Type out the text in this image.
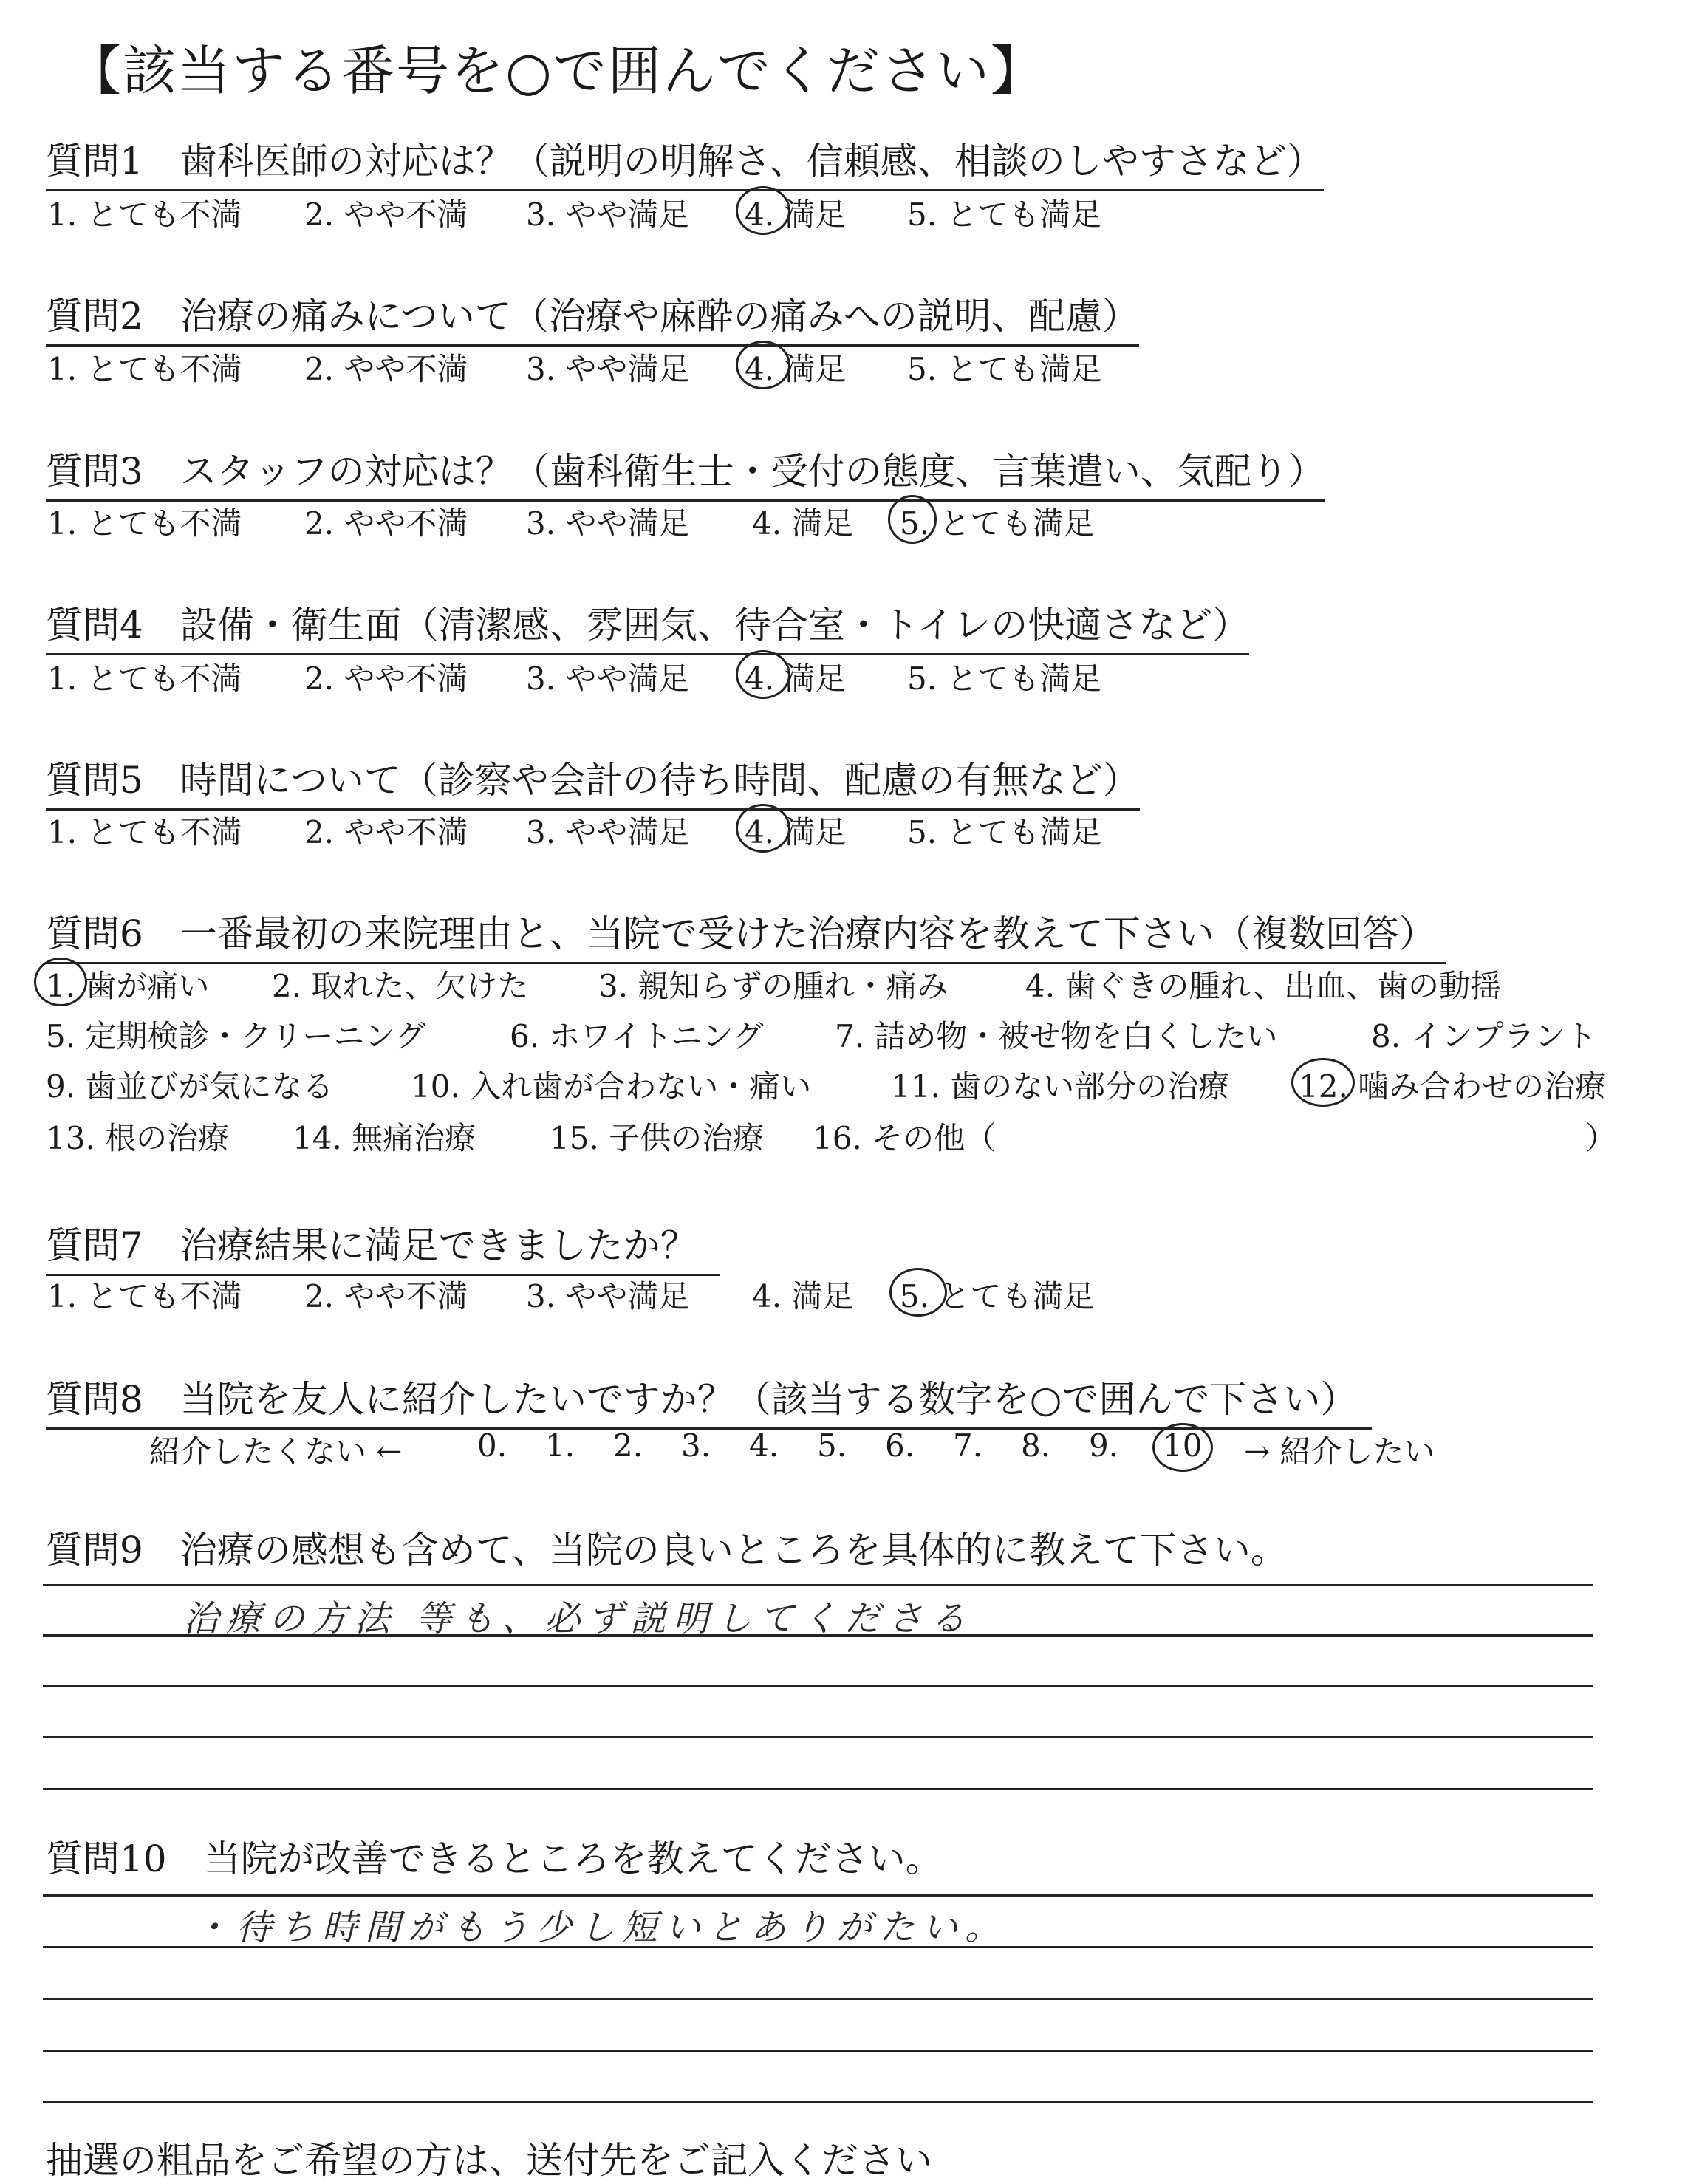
【該当する番号を○で囲んでください】
質問1　歯科医師の対応は？（説明の明解さ、信頼感、相談のしやすさなど）
1. とても不満 2. やや不満 3. やや満足 4. 満足 5. とても満足
質問2　治療の痛みについて（治療や麻酔の痛みへの説明、配慮）
1. とても不満 2. やや不満 3. やや満足 4. 満足 5. とても満足
質問3　スタッフの対応は？（歯科衛生士・受付の態度、言葉遣い、気配り）
1. とても不満 2. やや不満 3. やや満足 4. 満足 5. とても満足
質問4　設備・衛生面（清潔感、雰囲気、待合室・トイレの快適さなど）
1. とても不満 2. やや不満 3. やや満足 4. 満足 5. とても満足
質問5　時間について（診察や会計の待ち時間、配慮の有無など）
1. とても不満 2. やや不満 3. やや満足 4. 満足 5. とても満足
質問6　一番最初の来院理由と、当院で受けた治療内容を教えて下さい（複数回答）
1. 歯が痛い 2. 取れた、欠けた 3. 親知らずの腫れ・痛み 4. 歯ぐきの腫れ、出血、歯の動揺
5. 定期検診・クリーニング	6. ホワイトニング 7. 詰め物・被せ物を白くしたい	8. インプラント
9. 歯並びが気になる 10. 入れ歯が合わない・痛い	11. 歯のない部分の治療 12. 噛み合わせの治療
13. 根の治療 14. 無痛治療 15. 子供の治療 16. その他（	）
質問7　治療結果に満足できましたか？
1. とても不満 2. やや不満 3. やや満足 4. 満足 5. とても満足
質問8　当院を友人に紹介したいですか？（該当する数字を○で囲んで下さい）
紹介したくない ← 0. 1. 2. 3. 4. 5. 6. 7. 8. 9. 10 → 紹介したい
質問9　治療の感想も含めて、当院の良いところを具体的に教えて下さい。
治療の方法 等も、必ず説明してくださる
質問10　当院が改善できるところを教えてください。
・待ち時間がもう少し短いとありがたい。
抽選の粗品をご希望の方は、送付先をご記入ください
